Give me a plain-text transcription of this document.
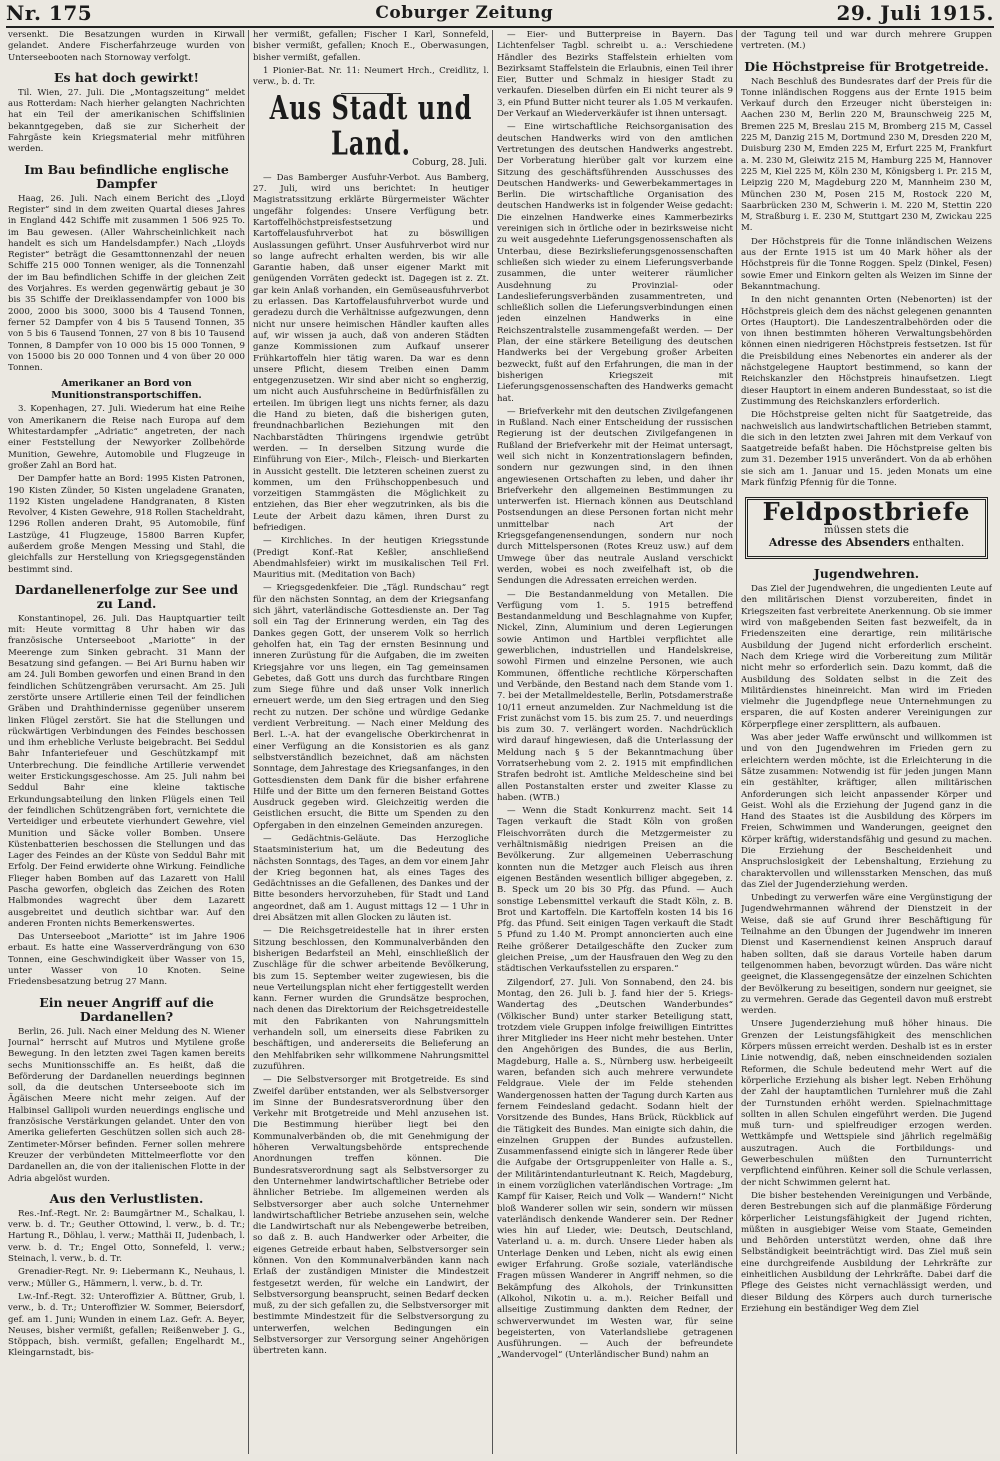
Nr. 175	Coburger Zeitung	29. Juli 1915.

versenkt. Die Besatzungen wurden in Kirwall gelandet. Andere Fischerfahrzeuge wurden von Unterseebooten nach Stornoway verfolgt.

Es hat doch gewirkt!

Til. Wien, 27. Juli. Die „Montagszeitung“ meldet aus Rotterdam: Nach hierher gelangten Nachrichten hat ein Teil der amerikanischen Schiffslinien bekanntgegeben, daß sie zur Sicherheit der Fahrgäste kein Kriegsmaterial mehr mitführen werden.

Im Bau befindliche englische Dampfer

Haag, 26. Juli. Nach einem Bericht des „Lloyd Register“ sind in dem zweiten Quartal dieses Jahres in England 442 Schiffe mit zusammen 1 506 925 To. im Bau gewesen. (Aller Wahrscheinlichkeit nach handelt es sich um Handelsdampfer.) Nach „Lloyds Register“ beträgt die Gesamttonnenzahl der neuen Schiffe 215 000 Tonnen weniger, als die Tonnenzahl der im Bau befindlichen Schiffe in der gleichen Zeit des Vorjahres. Es werden gegenwärtig gebaut je 30 bis 35 Schiffe der Dreiklassendampfer von 1000 bis 2000, 2000 bis 3000, 3000 bis 4 Tausend Tonnen, ferner 52 Dampfer von 4 bis 5 Tausend Tonnen, 35 von 5 bis 6 Tausend Tonnen, 27 von 8 bis 10 Tausend Tonnen, 8 Dampfer von 10 000 bis 15 000 Tonnen, 9 von 15000 bis 20 000 Tonnen und 4 von über 20 000 Tonnen.

Amerikaner an Bord von Munitionstransportschiffen.

3. Kopenhagen, 27. Juli. Wiederum hat eine Reihe von Amerikanern die Reise nach Europa auf dem Whitestardampfer „Adriatic“ angetreten, der nach einer Feststellung der Newyorker Zollbehörde Munition, Gewehre, Automobile und Flugzeuge in großer Zahl an Bord hat.

Der Dampfer hatte an Bord: 1995 Kisten Patronen, 190 Kisten Zünder, 50 Kisten ungeladene Granaten, 1192 Kisten ungeladene Handgranaten, 8 Kisten Revolver, 4 Kisten Gewehre, 918 Rollen Stacheldraht, 1296 Rollen anderen Draht, 95 Automobile, fünf Lastzüge, 41 Flugzeuge, 15800 Barren Kupfer, außerdem große Mengen Messing und Stahl, die gleichfalls zur Herstellung von Kriegsgegenständen bestimmt sind.

Dardanellenerfolge zur See und zu Land.

Konstantinopel, 26. Juli. Das Hauptquartier teilt mit: Heute vormittag 8 Uhr haben wir das französische Unterseeboot „Mariotte“ in der Meerenge zum Sinken gebracht. 31 Mann der Besatzung sind gefangen. — Bei Ari Burnu haben wir am 24. Juli Bomben geworfen und einen Brand in den feindlichen Schützengräben verursacht. Am 25. Juli zerstörte unsere Artillerie einen Teil der feindlichen Gräben und Drahthindernisse gegenüber unserem linken Flügel zerstört. Sie hat die Stellungen und rückwärtigen Verbindungen des Feindes beschossen und ihm erhebliche Verluste beigebracht. Bei Seddul Bahr Infanteriefeuer und Geschützkampf mit Unterbrechung. Die feindliche Artillerie verwendet weiter Erstickungsgeschosse. Am 25. Juli nahm bei Seddul Bahr eine kleine taktische Erkundungsabteilung den linken Flügels einen Teil der feindlichen Schützengräben fort, vernichtete die Verteidiger und erbeutete vierhundert Gewehre, viel Munition und Säcke voller Bomben. Unsere Küstenbatterien beschossen die Stellungen und das Lager des Feindes an der Küste von Seddul Bahr mit Erfolg. Der Feind erwiderte ohne Wirkung. Feindliche Flieger haben Bomben auf das Lazarett von Halil Pascha geworfen, obgleich das Zeichen des Roten Halbmondes wagrecht über dem Lazarett ausgebreitet und deutlich sichtbar war. Auf den anderen Fronten nichts Bemerkenswertes.

Das Unterseeboot „Mariotte“ ist im Jahre 1906 erbaut. Es hatte eine Wasserverdrängung von 630 Tonnen, eine Geschwindigkeit über Wasser von 15, unter Wasser von 10 Knoten. Seine Friedensbesatzung betrug 27 Mann.

Ein neuer Angriff auf die Dardanellen?

Berlin, 26. Juli. Nach einer Meldung des N. Wiener Journal“ herrscht auf Mutros und Mytilene große Bewegung. In den letzten zwei Tagen kamen bereits sechs Munitionsschiffe an. Es heißt, daß die Beförderung der Dardanellen neuerdings beginnen soll, da die deutschen Unterseeboote sich im Ägäischen Meere nicht mehr zeigen. Auf der Halbinsel Gallipoli wurden neuerdings englische und französische Verstärkungen gelandet. Unter den von Amerika gelieferten Geschützen sollen sich auch 28-Zentimeter-Mörser befinden. Ferner sollen mehrere Kreuzer der verbündeten Mittelmeerflotte vor den Dardanellen an, die von der italienischen Flotte in der Adria abgelöst wurden.

Aus den Verlustlisten.

Res.-Inf.-Regt. Nr. 2: Baumgärtner M., Schalkau, l. verw. b. d. Tr.; Geuther Ottowind, l. verw., b. d. Tr.; Hartung R., Döhlau, l. verw.; Matthäi II, Judenbach, l. verw. b. d. Tr.; Engel Otto, Sonnefeld, l. verw.; Steinach, l. verw., b. d. Tr.

Grenadier-Regt. Nr. 9: Liebermann K., Neuhaus, l. verw.; Müller G., Hämmern, l. verw., b. d. Tr.

Lw.-Inf.-Regt. 32: Unteroffizier A. Büttner, Grub, l. verw., b. d. Tr.; Unteroffizier W. Sommer, Beiersdorf, gef. am 1. Juni; Wunden in einem Laz. Gefr. A. Beyer, Neuses, bisher vermißt, gefallen; Reißenweber J. G., Stöppach, bish. vermißt, gefallen; Engelhardt M., Kleingarnstadt, bis-

her vermißt, gefallen; Fischer I Karl, Sonnefeld, bisher vermißt, gefallen; Knoch E., Oberwasungen, bisher vermißt, gefallen.

1 Pionier-Bat. Nr. 11: Neumert Hrch., Creidlitz, l. verw., b. d. Tr.

Aus Stadt und Land.
Coburg, 28. Juli.

— Das Bamberger Ausfuhr-Verbot. Aus Bamberg, 27. Juli, wird uns berichtet: In heutiger Magistratssitzung erklärte Bürgermeister Wächter ungefähr folgendes: Unsere Verfügung betr. Kartoffelhöchstpreisfestsetzung und Kartoffelausfuhrverbot hat zu böswilligen Auslassungen geführt. Unser Ausfuhrverbot wird nur so lange aufrecht erhalten werden, bis wir alle Garantie haben, daß unser eigener Markt mit genügenden Vorräten gedeckt ist. Dagegen ist z. Zt. gar kein Anlaß vorhanden, ein Gemüseausfuhrverbot zu erlassen. Das Kartoffelausfuhrverbot wurde und geradezu durch die Verhältnisse aufgezwungen, denn nicht nur unsere heimischen Händler kauften alles auf, wir wissen ja auch, daß von anderen Städten ganze Kommissionen zum Aufkauf unserer Frühkartoffeln hier tätig waren. Da war es denn unsere Pflicht, diesem Treiben einen Damm entgegenzusetzen. Wir sind aber nicht so engherzig, um nicht auch Ausfuhrscheine in Bedürfnisfällen zu erteilen. Im übrigen liegt uns nichts ferner, als dazu die Hand zu bieten, daß die bisherigen guten, freundnachbarlichen Beziehungen mit den Nachbarstädten Thüringens irgendwie getrübt werden. — In derselben Sitzung wurde die Einführung von Eier-, Milch-, Fleisch- und Bierkarten in Aussicht gestellt. Die letzteren scheinen zuerst zu kommen, um den Frühschoppenbesuch und vorzeitigen Stammgästen die Möglichkeit zu entziehen, das Bier eher wegzutrinken, als bis die Leute der Arbeit dazu kämen, ihren Durst zu befriedigen.

— Kirchliches. In der heutigen Kriegsstunde (Predigt Konf.-Rat Keßler, anschließend Abendmahlsfeier) wirkt im musikalischen Teil Frl. Mauritius mit. (Meditation von Bach)

— Kriegsgedenkfeier. Die „Tägl. Rundschau“ regt für den nächsten Sonntag, an dem der Kriegsanfang sich jährt, vaterländische Gottesdienste an. Der Tag soll ein Tag der Erinnerung werden, ein Tag des Dankes gegen Gott, der unserem Volk so herrlich geholfen hat, ein Tag der ernsten Besinnung und inneren Zurüstung für die Aufgaben, die im zweiten Kriegsjahre vor uns liegen, ein Tag gemeinsamen Gebetes, daß Gott uns durch das furchtbare Ringen zum Siege führe und daß unser Volk innerlich erneuert werde, um den Sieg ertragen und den Sieg recht zu nutzen. Der schöne und würdige Gedanke verdient Verbreitung. — Nach einer Meldung des Berl. L.-A. hat der evangelische Oberkirchenrat in einer Verfügung an die Konsistorien es als ganz selbstverständlich bezeichnet, daß am nächsten Sonntage, dem Jahrestage des Kriegsanfanges, in den Gottesdiensten dem Dank für die bisher erfahrene Hilfe und der Bitte um den ferneren Beistand Gottes Ausdruck gegeben wird. Gleichzeitig werden die Geistlichen ersucht, die Bitte um Spenden zu den Opfergaben in den einzelnen Gemeinden anzuregen.

— Gedächtnis-Geläute. Das Herzogliche Staatsministerium hat, um die Bedeutung des nächsten Sonntags, des Tages, an dem vor einem Jahr der Krieg begonnen hat, als eines Tages des Gedächtnisses an die Gefallenen, des Dankes und der Bitte besonders hervorzuheben, für Stadt und Land angeordnet, daß am 1. August mittags 12 — 1 Uhr in drei Absätzen mit allen Glocken zu läuten ist.

— Die Reichsgetreidestelle hat in ihrer ersten Sitzung beschlossen, den Kommunalverbänden den bisherigen Bedarfsteil an Mehl, einschließlich der Zuschläge für die schwer arbeitende Bevölkerung, bis zum 15. September weiter zugewiesen, bis die neue Verteilungsplan nicht eher fertiggestellt werden kann. Ferner wurden die Grundsätze besprochen, nach denen das Direktorium der Reichsgetreidestelle mit den Fabrikanten von Nahrungsmitteln verhandeln soll, um einerseits diese Fabriken zu beschäftigen, und andererseits die Belieferung an den Mehlfabriken sehr willkommene Nahrungsmittel zuzuführen.

— Die Selbstversorger mit Brotgetreide. Es sind Zweifel darüber entstanden, wer als Selbstversorger im Sinne der Bundesratsverordnung über den Verkehr mit Brotgetreide und Mehl anzusehen ist. Die Bestimmung hierüber liegt bei den Kommunalverbänden ob, die mit Genehmigung der höheren Verwaltungsbehörde entsprechende Anordnungen treffen können. Die Bundesratsverordnung sagt als Selbstversorger zu den Unternehmer landwirtschaftlicher Betriebe oder ähnlicher Betriebe. Im allgemeinen werden als Selbstversorger aber auch solche Unternehmer landwirtschaftlicher Betriebe anzusehen sein, welche die Landwirtschaft nur als Nebengewerbe betreiben, so daß z. B. auch Handwerker oder Arbeiter, die eigenes Getreide erbaut haben, Selbstversorger sein können. Von den Kommunalverbänden kann nach Erlaß der zuständigen Minister die Mindestzeit festgesetzt werden, für welche ein Landwirt, der Selbstversorgung beansprucht, seinen Bedarf decken muß, zu der sich gefallen zu, die Selbstversorger mit bestimmte Mindestzeit für die Selbstversorgung zu unterwerfen, welchen Bedingungen ein Selbstversorger zur Versorgung seiner Angehörigen übertreten kann.

— Eier- und Butterpreise in Bayern. Das Lichtenfelser Tagbl. schreibt u. a.: Verschiedene Händler des Bezirks Staffelstein erhielten vom Bezirksamt Staffelstein die Erlaubnis, einen Teil ihrer Eier, Butter und Schmalz in hiesiger Stadt zu verkaufen. Dieselben dürfen ein Ei nicht teurer als 9 3, ein Pfund Butter nicht teurer als 1.05 M verkaufen. Der Verkauf an Wiederverkäufer ist ihnen untersagt.

— Eine wirtschaftliche Reichsorganisation des deutschen Handwerks wird von den amtlichen Vertretungen des deutschen Handwerks angestrebt. Der Vorberatung hierüber galt vor kurzem eine Sitzung des geschäftsführenden Ausschusses des Deutschen Handwerks- und Gewerbekammertages in Berlin. Die wirtschaftliche Organisation des deutschen Handwerks ist in folgender Weise gedacht: Die einzelnen Handwerke eines Kammerbezirks vereinigen sich in örtliche oder in bezirksweise nicht zu weit ausgedehnte Lieferungsgenossenschaften als Unterbau, diese Bezirkslieferungsgenossenschaften schließen sich wieder zu einem Lieferungsverbande zusammen, die unter weiterer räumlicher Ausdehnung zu Provinzial- oder Landeslieferungsverbänden zusammentreten, und schließlich sollen die Lieferungsverbindungen einen jeden einzelnen Handwerks in eine Reichszentralstelle zusammengefaßt werden. — Der Plan, der eine stärkere Beteiligung des deutschen Handwerks bei der Vergebung großer Arbeiten bezweckt, fußt auf den Erfahrungen, die man in der bisherigen Kriegszeit mit Lieferungsgenossenschaften des Handwerks gemacht hat.

— Briefverkehr mit den deutschen Zivilgefangenen in Rußland. Nach einer Entscheidung der russischen Regierung ist der deutschen Zivilgefangenen in Rußland der Briefverkehr mit der Heimat untersagt, weil sich nicht in Konzentrationslagern befinden, sondern nur gezwungen sind, in den ihnen angewiesenen Ortschaften zu leben, und daher ihr Briefverkehr den allgemeinen Bestimmungen zu unterwerfen ist. Hiernach können aus Deutschland Postsendungen an diese Personen fortan nicht mehr unmittelbar nach Art der Kriegsgefangenensendungen, sondern nur noch durch Mittelspersonen (Rotes Kreuz usw.) auf dem Umwege über das neutrale Ausland verschickt werden, wobei es noch zweifelhaft ist, ob die Sendungen die Adressaten erreichen werden.

— Die Bestandanmeldung von Metallen. Die Verfügung vom 1. 5. 1915 betreffend Bestandanmeldung und Beschlagnahme von Kupfer, Nickel, Zinn, Aluminium und deren Legierungen sowie Antimon und Hartblei verpflichtet alle gewerblichen, industriellen und Handelskreise, sowohl Firmen und einzelne Personen, wie auch Kommunen, öffentliche rechtliche Körperschaften und Verbände, den Bestand nach dem Stande vom 1. 7. bei der Metallmeldestelle, Berlin, Potsdamerstraße 10/11 erneut anzumelden. Zur Nachmeldung ist die Frist zunächst vom 15. bis zum 25. 7. und neuerdings bis zum 30. 7. verlängert worden. Nachdrücklich wird darauf hingewiesen, daß die Unterlassung der Meldung nach § 5 der Bekanntmachung über Vorratserhebung vom 2. 2. 1915 mit empfindlichen Strafen bedroht ist. Amtliche Meldescheine sind bei allen Postanstalten erster und zweiter Klasse zu haben. (WTB.)

— Wenn die Stadt Konkurrenz macht. Seit 14 Tagen verkauft die Stadt Köln von großen Fleischvorräten durch die Metzgermeister zu verhältnismäßig niedrigen Preisen an die Bevölkerung. Zur allgemeinen Ueberraschung konnten nun die Metzger auch Fleisch aus ihren eigenen Beständen wesentlich billiger abgegeben, z. B. Speck um 20 bis 30 Pfg. das Pfund. — Auch sonstige Lebensmittel verkauft die Stadt Köln, z. B. Brot und Kartoffeln. Die Kartoffeln kosten 14 bis 16 Pfg. das Pfund. Seit einigen Tagen verkauft die Stadt 5 Pfund zu 1.40 M. Prompt annoncierten auch eine Reihe größerer Detailgeschäfte den Zucker zum gleichen Preise, „um der Hausfrauen den Weg zu den städtischen Verkaufsstellen zu ersparen.“

Zilgendorf, 27. Juli. Von Sonnabend, den 24. bis Montag, den 26. Juli b. J. fand hier der 5. Kriegs-Wandertag des „Deutschen Wanderbundes“ (Völkischer Bund) unter starker Beteiligung statt, trotzdem viele Gruppen infolge freiwilligen Eintrittes ihrer Mitglieder ins Heer nicht mehr bestehen. Unter den Angehörigen des Bundes, die aus Berlin, Magdeburg, Halle a. S., Nürnberg usw. herbeigeeilt waren, befanden sich auch mehrere verwundete Feldgraue. Viele der im Felde stehenden Wandergenossen hatten der Tagung durch Karten aus fernem Feindesland gedacht. Sodann hielt der Vorsitzende des Bundes, Hans Brück, Rückblick auf die Tätigkeit des Bundes. Man einigte sich dahin, die einzelnen Gruppen der Bundes aufzustellen. Zusammenfassend einigte sich in längerer Rede über die Aufgabe der Ortsgruppenleiter von Halle a. S., der Militärintendanturleutnant K. Reich, Magdeburg, in einem vorzüglichen vaterländischen Vortrage: „Im Kampf für Kaiser, Reich und Volk — Wandern!“ Nicht bloß Wanderer sollen wir sein, sondern wir müssen vaterländisch denkende Wanderer sein. Der Redner wies hin auf Lieder, wie: Deutsch, Deutschland, Vaterland u. a. m. durch. Unsere Lieder haben als Unterlage Denken und Leben, nicht als ewig einen ewiger Erfahrung. Große soziale, vaterländische Fragen müssen Wanderer in Angriff nehmen, so die Bekämpfung des Alkohols, der Trinkunsitten (Alkohol, Nikotin u. a. m.). Reicher Beifall und allseitige Zustimmung dankten dem Redner, der schwerverwundet im Westen war, für seine begeisterten, von Vaterlandsliebe getragenen Ausführungen. — Auch der befreundete „Wandervogel“ (Unterländischer Bund) nahm an

der Tagung teil und war durch mehrere Gruppen vertreten. (M.)

Die Höchstpreise für Brotgetreide.

Nach Beschluß des Bundesrates darf der Preis für die Tonne inländischen Roggens aus der Ernte 1915 beim Verkauf durch den Erzeuger nicht übersteigen in: Aachen 230 M, Berlin 220 M, Braunschweig 225 M, Bremen 225 M, Breslau 215 M, Bromberg 215 M, Cassel 225 M, Danzig 215 M, Dortmund 230 M, Dresden 220 M, Duisburg 230 M, Emden 225 M, Erfurt 225 M, Frankfurt a. M. 230 M, Gleiwitz 215 M, Hamburg 225 M, Hannover 225 M, Kiel 225 M, Köln 230 M, Königsberg i. Pr. 215 M, Leipzig 220 M, Magdeburg 220 M, Mannheim 230 M, München 230 M, Posen 215 M, Rostock 220 M, Saarbrücken 230 M, Schwerin i. M. 220 M, Stettin 220 M, Straßburg i. E. 230 M, Stuttgart 230 M, Zwickau 225 M.

Der Höchstpreis für die Tonne inländischen Weizens aus der Ernte 1915 ist um 40 Mark höher als der Höchstpreis für die Tonne Roggen. Spelz (Dinkel, Fesen) sowie Emer und Einkorn gelten als Weizen im Sinne der Bekanntmachung.

In den nicht genannten Orten (Nebenorten) ist der Höchstpreis gleich dem des nächst gelegenen genannten Ortes (Hauptort). Die Landeszentralbehörden oder die von ihnen bestimmten höheren Verwaltungsbehörden können einen niedrigeren Höchstpreis festsetzen. Ist für die Preisbildung eines Nebenortes ein anderer als der nächstgelegene Hauptort bestimmend, so kann der Reichskanzler den Höchstpreis hinaufsetzen. Liegt dieser Hauptort in einem anderen Bundesstaat, so ist die Zustimmung des Reichskanzlers erforderlich.

Die Höchstpreise gelten nicht für Saatgetreide, das nachweislich aus landwirtschaftlichen Betrieben stammt, die sich in den letzten zwei Jahren mit dem Verkauf von Saatgetreide befaßt haben. Die Höchstpreise gelten bis zum 31. Dezember 1915 unverändert. Von da ab erhöhen sie sich am 1. Januar und 15. jeden Monats um eine Mark fünfzig Pfennig für die Tonne.

Feldpostbriefe müssen stets die
Adresse des Absenders enthalten.
Jugendwehren.

Das Ziel der Jugendwehren, die ungedienten Leute auf den militärischen Dienst vorzubereiten, findet in Kriegszeiten fast verbreitete Anerkennung. Ob sie immer wird von maßgebenden Seiten fast bezweifelt, da in Friedenszeiten eine derartige, rein militärische Ausbildung der Jugend nicht erforderlich erscheint. Nach dem Kriege wird die Vorbereitung zum Militär nicht mehr so erforderlich sein. Dazu kommt, daß die Ausbildung des Soldaten selbst in die Zeit des Militärdienstes hineinreicht. Man wird im Frieden vielmehr die Jugendpflege neue Unternehmungen zu ersparen, die auf Kosten anderer Vereinigungen zur Körperpflege einer zersplittern, als aufbauen.

Was aber jeder Waffe erwünscht und willkommen ist und von den Jugendwehren im Frieden gern zu erleichtern werden möchte, ist die Erleichterung in die Sätze zusammen: Notwendig ist für jeden jungen Mann ein gestählter, kräftiger, allen militärischen Anforderungen sich leicht anpassender Körper und Geist. Wohl als die Erziehung der Jugend ganz in die Hand des Staates ist die Ausbildung des Körpers im Freien, Schwimmen und Wanderungen, geeignet den Körper kräftig, widerstandsfähig und gesund zu machen. Die Erziehung der Bescheidenheit und Anspruchslosigkeit der Lebenshaltung, Erziehung zu charaktervollen und willensstarken Menschen, das muß das Ziel der Jugenderziehung werden.

Unbedingt zu verwerfen wäre eine Vergünstigung der Jugendwehrmannen während der Dienstzeit in der Weise, daß sie auf Grund ihrer Beschäftigung für Teilnahme an den Übungen der Jugendwehr im inneren Dienst und Kasernendienst keinen Anspruch darauf haben sollten, daß sie daraus Vorteile haben darum teilgenommen haben, bevorzugt würden. Das wäre nicht geeignet, die Klassengegensätze der einzelnen Schichten der Bevölkerung zu beseitigen, sondern nur geeignet, sie zu vermehren. Gerade das Gegenteil davon muß erstrebt werden.

Unsere Jugenderziehung muß höher hinaus. Die Grenzen der Leistungsfähigkeit des menschlichen Körpers müssen erreicht werden. Deshalb ist es in erster Linie notwendig, daß, neben einschneidenden sozialen Reformen, die Schule bedeutend mehr Wert auf die körperliche Erziehung als bisher legt. Neben Erhöhung der Zahl der hauptamtlichen Turnlehrer muß die Zahl der Turnstunden erhöht werden. Spielnachmittage sollten in allen Schulen eingeführt werden. Die Jugend muß turn- und spielfreudiger erzogen werden. Wettkämpfe und Wettspiele sind jährlich regelmäßig auszutragen. Auch die Fortbildungs- und Gewerbeschulen müßten den Turnunterricht verpflichtend einführen. Keiner soll die Schule verlassen, der nicht Schwimmen gelernt hat.

Die bisher bestehenden Vereinigungen und Verbände, deren Bestrebungen sich auf die planmäßige Förderung körperlicher Leistungsfähigkeit der Jugend richten, müßten in ausgiebiger Weise vom Staate, Gemeinden und Behörden unterstützt werden, ohne daß ihre Selbständigkeit beeinträchtigt wird. Das Ziel muß sein eine durchgreifende Ausbildung der Lehrkräfte zur einheitlichen Ausbildung der Lehrkräfte. Dabei darf die Pflege des Geistes nicht vernachlässigt werden, und dieser Bildung des Körpers auch durch turnerische Erziehung ein beständiger Weg dem Ziel
